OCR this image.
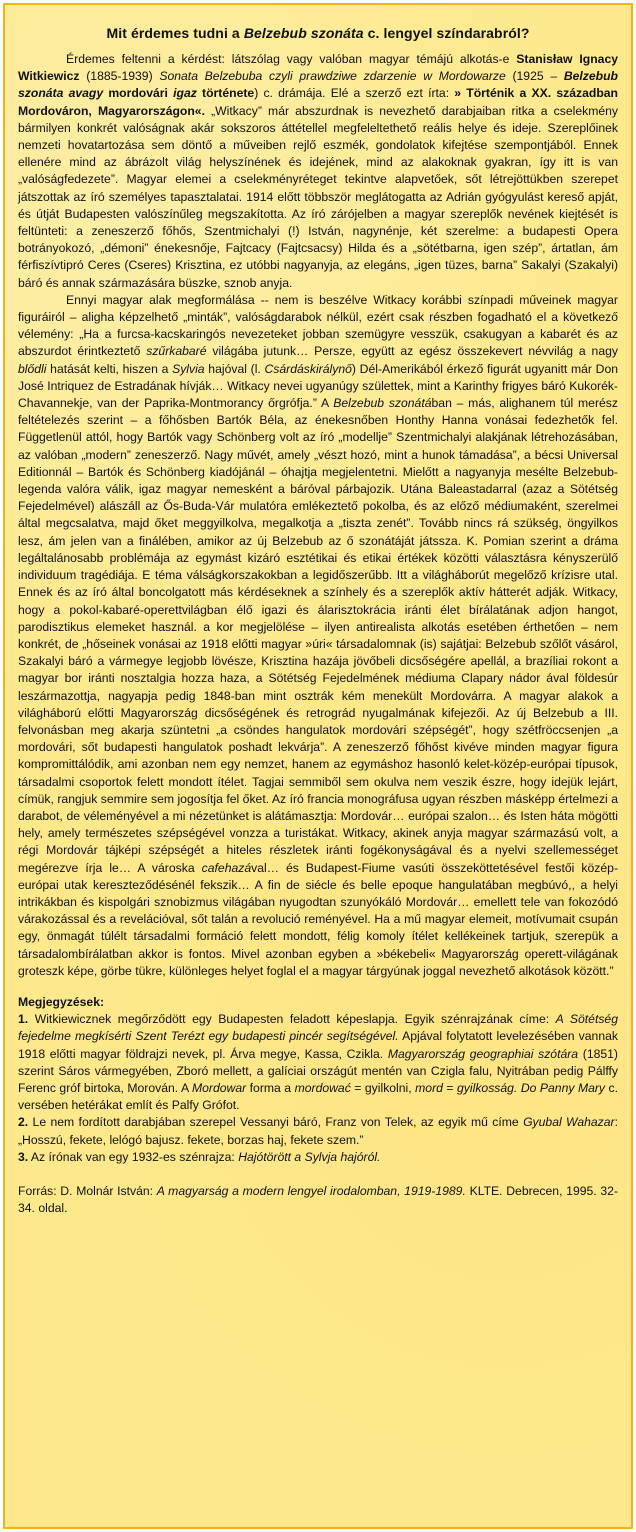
Mit érdemes tudni a Belzebub szonáta c. lengyel színdarabról?

Érdemes feltenni a kérdést: látszólag vagy valóban magyar témájú alkotás-e Stanisław Ignacy Witkiewicz (1885-1939) Sonata Belzebuba czyli prawdziwe zdarzenie w Mordowarze (1925 – Belzebub szonáta avagy mordovári igaz története) c. drámája. Elé a szerző ezt írta: » Történik a XX. században Mordováron, Magyarországon«. „Witkacy” már abszurdnak is nevezhető darabjaiban ritka a cselekmény bármilyen konkrét valóságnak akár sokszoros áttétellel megfeleltethető reális helye és ideje. Szereplőinek nemzeti hovatartozása sem döntő a műveiben rejlő eszmék, gondolatok kifejtése szempontjából. Ennek ellenére mind az ábrázolt világ helyszínének és idejének, mind az alakoknak gyakran, így itt is van „valóságfedezete”. Magyar elemei a cselekményréteget tekintve alapvetőek, sőt létrejöttükben szerepet játszottak az író személyes tapasztalatai. 1914 előtt többször meglátogatta az Adrián gyógyulást kereső apját, és útját Budapesten valószínűleg megszakította. Az író zárójelben a magyar szereplők nevének kiejtését is feltünteti: a zeneszerző főhős, Szentmichalyi (!) István, nagynénje, két szerelme: a budapesti Opera botrányokozó, „démoni” énekesnője, Fajtcacy (Fajtcsacsy) Hilda és a „sötétbarna, igen szép”, ártatlan, ám férfiszívtipró Ceres (Cseres) Krisztina, ez utóbbi nagyanyja, az elegáns, „igen tüzes, barna” Sakalyi (Szakalyi) báró és annak származására büszke, sznob anyja.

Ennyi magyar alak megformálása -- nem is beszélve Witkacy korábbi színpadi műveinek magyar figuráiról – aligha képzelhető „minták”, valóságdarabok nélkül, ezért csak részben fogadható el a következő vélemény: „Ha a furcsa-kacskaringós nevezeteket jobban szemügyre vesszük, csakugyan a kabarét és az abszurdot érintkeztető szűrkabaré világába jutunk… Persze, együtt az egész összekevert névvilág a nagy blődli hatását kelti, hiszen a Sylvia hajóval (l. Csárdáskirálynő) Dél-Amerikából érkező figurát ugyanitt már Don José Intriquez de Estradának hívják… Witkacy nevei ugyanúgy születtek, mint a Karinthy frigyes báró Kukorék-Chavannekje, van der Paprika-Montmorancy őrgrófja.” A Belzebub szonátában – más, alighanem túl merész feltételezés szerint – a főhősben Bartók Béla, az énekesnőben Honthy Hanna vonásai fedezhetők fel. Függetlenül attól, hogy Bartók vagy Schönberg volt az író „modellje” Szentmichalyi alakjának létrehozásában, az valóban „modern” zeneszerző. Nagy művét, amely „vészt hozó, mint a hunok támadása”, a bécsi Universal Editionnál – Bartók és Schönberg kiadójánál – óhajtja megjelentetni. Mielőtt a nagyanyja mesélte Belzebub-legenda valóra válik, igaz magyar nemesként a báróval párbajozik. Utána Baleastadarral (azaz a Sötétség Fejedelmével) alászáll az Ős-Buda-Vár mulatóra emlékeztető pokolba, és az előző médiumaként, szerelmei által megcsalatva, majd őket meggyilkolva, megalkotja a „tiszta zenét”. Tovább nincs rá szükség, öngyilkos lesz, ám jelen van a finálében, amikor az új Belzebub az ő szonátáját játssza. K. Pomian szerint a dráma legáltalánosabb problémája az egymást kizáró esztétikai és etikai értékek közötti választásra kényszerülő individuum tragédiája. E téma válságkorszakokban a legidőszerűbb. Itt a világháborút megelőző krízisre utal. Ennek és az író által boncolgatott más kérdéseknek a színhely és a szereplők aktív hátterét adják. Witkacy, hogy a pokol-kabaré-operettvilágban élő igazi és álarisztokrácia iránti élet bírálatának adjon hangot, parodisztikus elemeket használ. a kor megjelölése – ilyen antirealista alkotás esetében érthetően – nem konkrét, de „hőseinek vonásai az 1918 előtti magyar »úri« társadalomnak (is) sajátjai: Belzebub szőlőt vásárol, Szakalyi báró a vármegye legjobb lövésze, Krisztina hazája jövőbeli dicsőségére apellál, a brazíliai rokont a magyar bor iránti nosztalgia hozza haza, a Sötétség Fejedelmének médiuma Clapary nádor ával földesúr leszármazottja, nagyapja pedig 1848-ban mint osztrák kém menekült Mordovárra. A magyar alakok a világháború előtti Magyarország dicsőségének és retrográd nyugalmának kifejezői. Az új Belzebub a III. felvonásban meg akarja szüntetni „a csöndes hangulatok mordovári szépségét”, hogy szétfröccsenjen „a mordovári, sőt budapesti hangulatok poshadt lekvárja”. A zeneszerző főhőst kivéve minden magyar figura kompromittálódik, ami azonban nem egy nemzet, hanem az egymáshoz hasonló kelet-közép-európai típusok, társadalmi csoportok felett mondott ítélet. Tagjai semmiből sem okulva nem veszik észre, hogy idejük lejárt, címük, rangjuk semmire sem jogosítja fel őket. Az író francia monográfusa ugyan részben másképp értelmezi a darabot, de véleményével a mi nézetünket is alátámasztja: Mordovár… európai szalon… és Isten háta mögötti hely, amely természetes szépségével vonzza a turistákat. Witkacy, akinek anyja magyar származású volt, a régi Mordovár tájképi szépségét a hiteles részletek iránti fogékonyságával és a nyelvi szellemességet megérezve írja le… A városka cafehazával… és Budapest-Fiume vasúti összeköttetésével festői közép-európai utak kereszteződésénél fekszik… A fin de siécle és belle epoque hangulatában megbúvó,, a helyi intrikákban és kispolgári sznobizmus világában nyugodtan szunyókáló Mordovár… emellett tele van fokozódó várakozással és a revelációval, sőt talán a revolució reményével. Ha a mű magyar elemeit, motívumait csupán egy, önmagát túlélt társadalmi formáció felett mondott, félig komoly ítélet kellékeinek tartjuk, szerepük a társadalombírálatban akkor is fontos. Mivel azonban egyben a »békebeli« Magyarország operett-világának groteszk képe, görbe tükre, különleges helyet foglal el a magyar tárgyúnak joggal nevezhető alkotások között.”

Megjegyzések:

1. Witkiewicznek megőrződött egy Budapesten feladott képeslapja. Egyik szénrajzának címe: A Sötétség fejedelme megkísérti Szent Terézt egy budapesti pincér segítségével. Apjával folytatott levelezésében vannak 1918 előtti magyar földrajzi nevek, pl. Árva megye, Kassa, Czikla. Magyarország geographiai szótára (1851) szerint Sáros vármegyében, Zboró mellett, a galíciai országút mentén van Czigla falu, Nyitrában pedig Pálffy Ferenc gróf birtoka, Morován. A Mordowar forma a mordować = gyilkolni, mord = gyilkosság. Do Panny Mary c. versében hetérákat említ és Palfy Grófot.

2. Le nem fordított darabjában szerepel Vessanyi báró, Franz von Telek, az egyik mű címe Gyubal Wahazar: „Hosszú, fekete, lelógó bajusz. fekete, borzas haj, fekete szem.”

3. Az írónak van egy 1932-es szénrajza: Hajótörött a Sylvja hajóról.

Forrás: D. Molnár István: A magyarság a modern lengyel irodalomban, 1919-1989. KLTE. Debrecen, 1995. 32-34. oldal.
